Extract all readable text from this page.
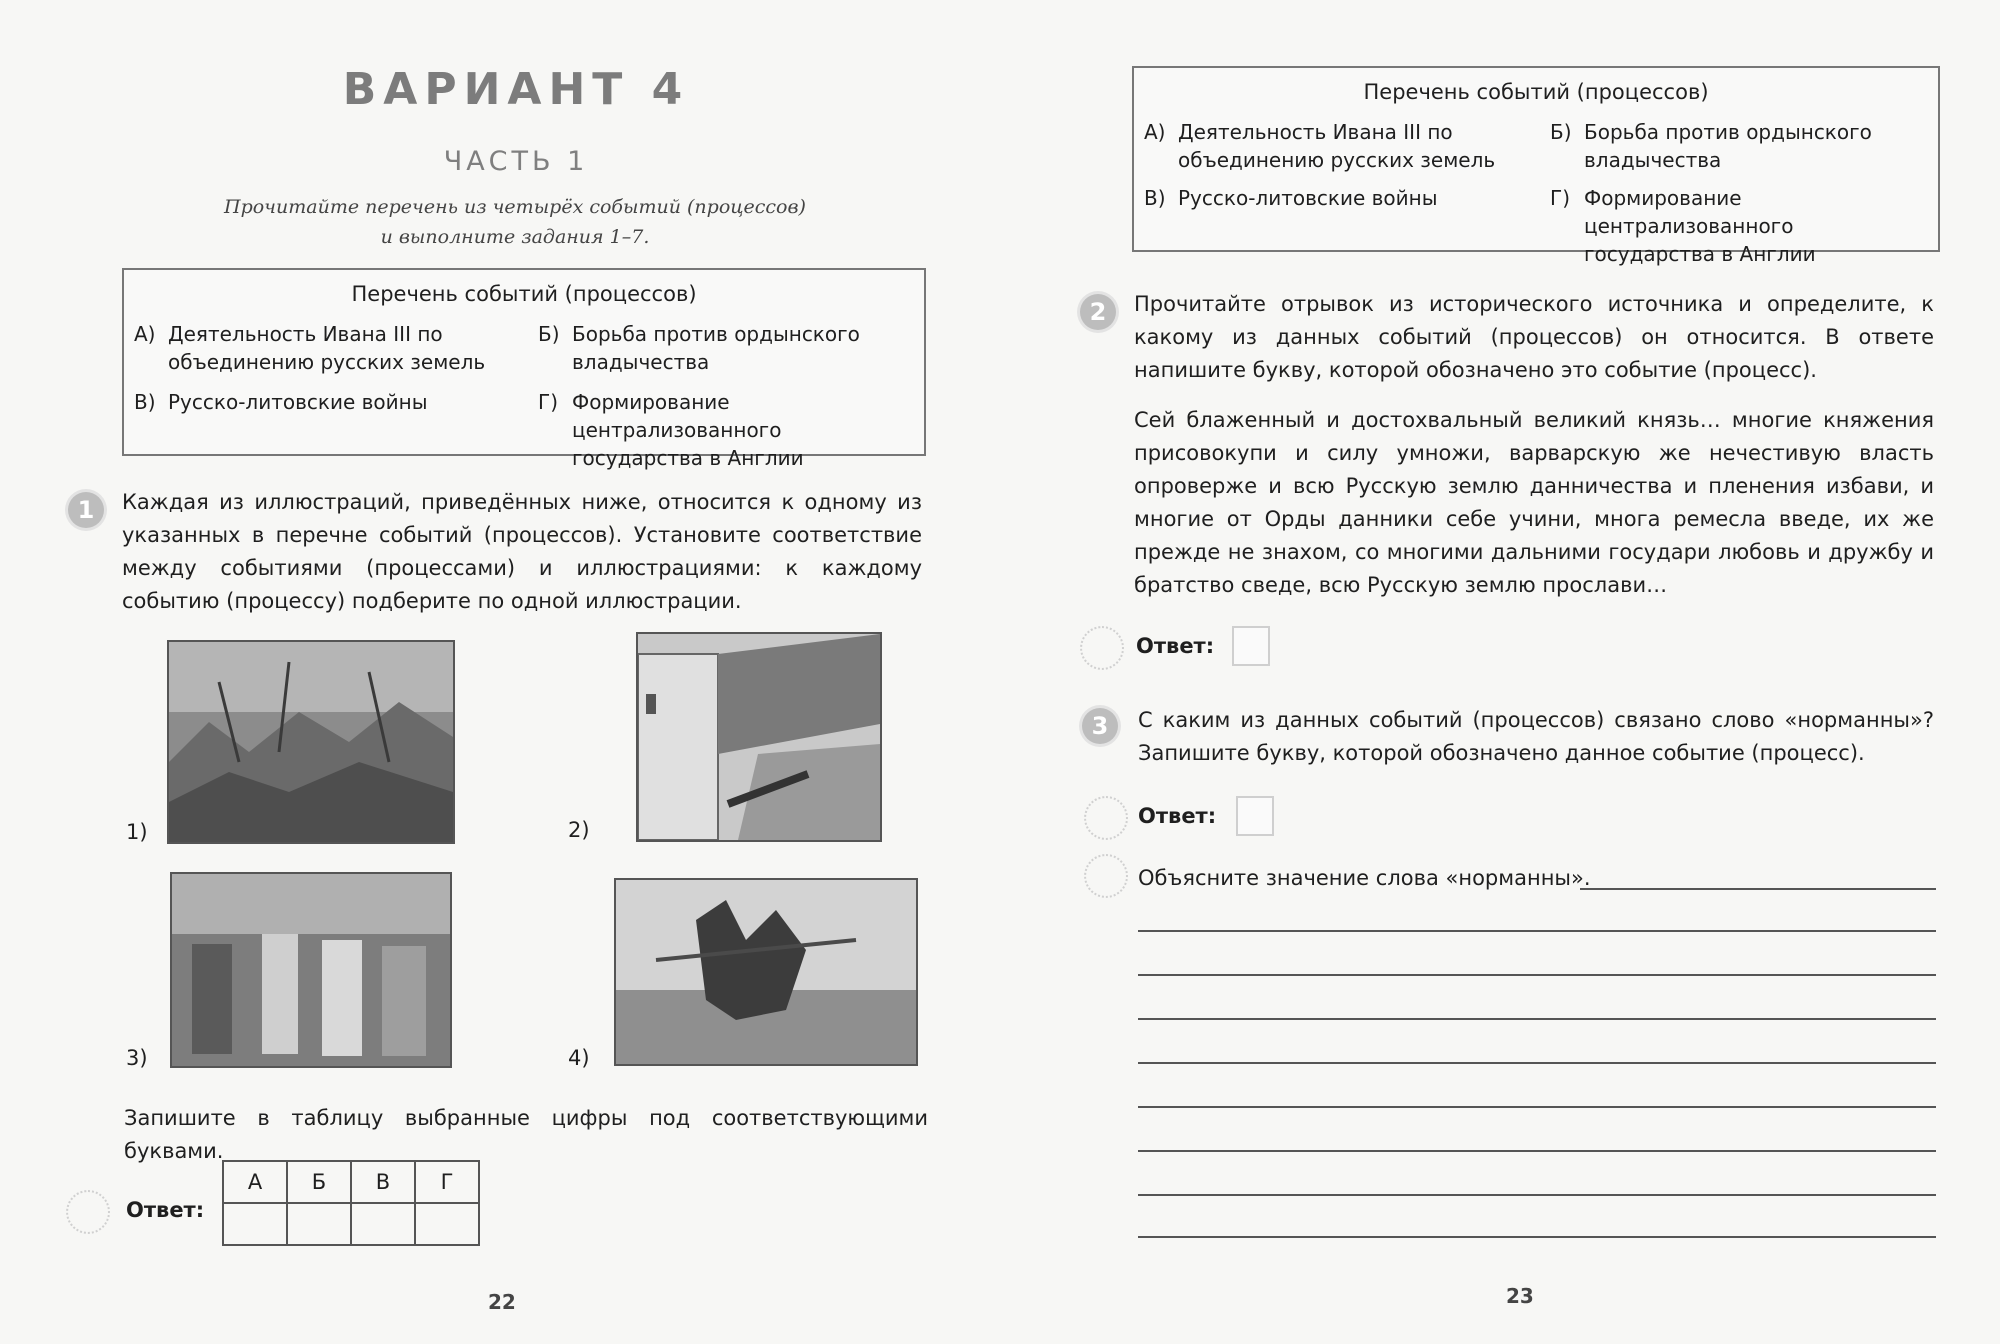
ВАРИАНТ 4
ЧАСТЬ 1
Прочитайте перечень из четырёх событий (процессов)
и выполните задания 1–7.
Перечень событий (процессов)
А) Деятельность Ивана III по объединению русских земель
Б) Борьба против ордынского владычества
В) Русско-литовские войны	Г) Формирование централизованного государства в Англии
1	Каждая из иллюстраций, приведённых ниже, относится к одному из указанных в перечне событий (процессов). Установите соответствие между событиями (процессами) и иллюстрациями: к каждому событию (процессу) подберите по одной иллюстрации.
1)	2)
3)	4)
Запишите в таблицу выбранные цифры под соответствующими буквами.
Ответ:
А	Б	В	Г

22
Перечень событий (процессов)
А) Деятельность Ивана III по объединению русских земель
Б) Борьба против ордынского владычества
В) Русско-литовские войны	Г) Формирование централизованного государства в Англии
2	Прочитайте отрывок из исторического источника и определите, к какому из данных событий (процессов) он относится. В ответе напишите букву, которой обозначено это событие (процесс).
Сей блаженный и достохвальный великий князь… многие княжения присовокупи и силу умножи, варварскую же нечестивую власть опровержe и всю Русскую землю данничества и пленения избави, и многие от Орды данники себе учини, многа ремесла введе, их же прежде не знахом, со многими дальними государи любовь и дружбу и братство сведе, всю Русскую землю прослави…
Ответ:
3	С каким из данных событий (процессов) связано слово «норманны»? Запишите букву, которой обозначено данное событие (процесс).
Ответ:
Объясните значение слова «норманны».
23
